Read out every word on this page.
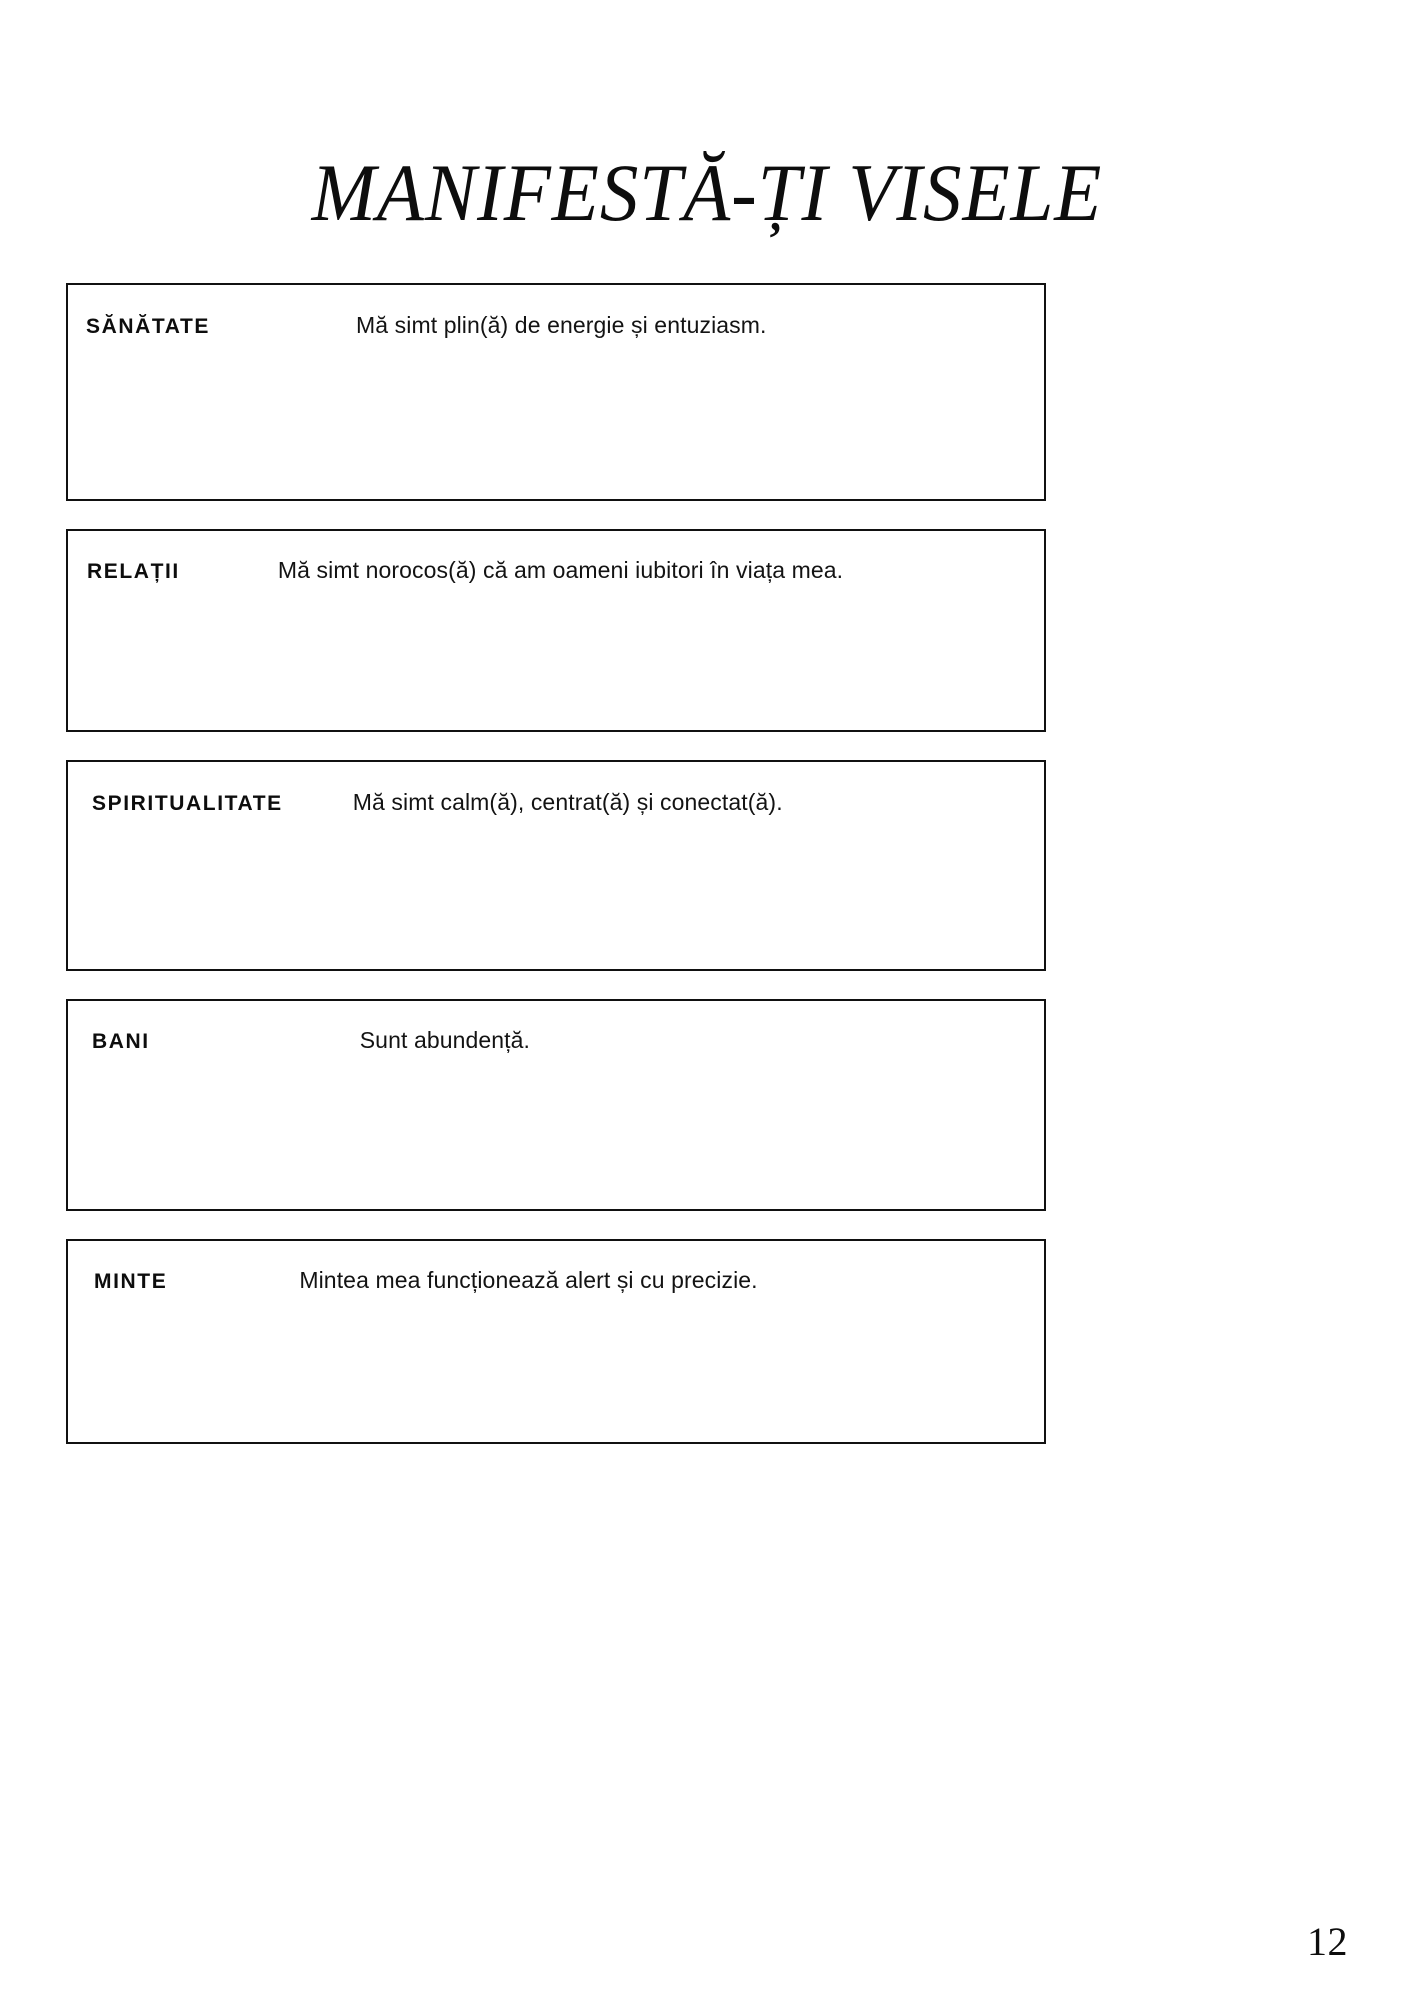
MANIFESTĂ-ȚI VISELE
SĂNĂTATE	Mă simt plin(ă) de energie și entuziasm.
RELAȚII	Mă simt norocos(ă) că am oameni iubitori în viața mea.
SPIRITUALITATE	Mă simt calm(ă), centrat(ă) și conectat(ă).
BANI	Sunt abundență.
MINTE	Mintea mea funcționează alert și cu precizie.
12
